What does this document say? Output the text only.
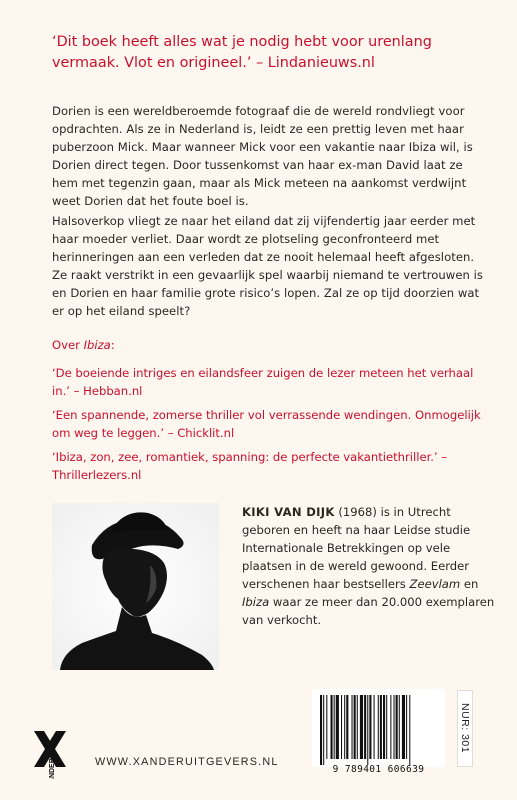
‘Dit boek heeft alles wat je nodig hebt voor urenlang vermaak. Vlot en origineel.’ – Lindanieuws.nl

Dorien is een wereldberoemde fotograaf die de wereld rondvliegt voor opdrachten. Als ze in Nederland is, leidt ze een prettig leven met haar puberzoon Mick. Maar wanneer Mick voor een vakantie naar Ibiza wil, is Dorien direct tegen. Door tussenkomst van haar ex-man David laat ze hem met tegenzin gaan, maar als Mick meteen na aankomst verdwijnt weet Dorien dat het foute boel is.

Halsoverkop vliegt ze naar het eiland dat zij vijfendertig jaar eerder met haar moeder verliet. Daar wordt ze plotseling geconfronteerd met herinneringen aan een verleden dat ze nooit helemaal heeft afgesloten. Ze raakt verstrikt in een gevaarlijk spel waarbij niemand te vertrouwen is en Dorien en haar familie grote risico’s lopen. Zal ze op tijd doorzien wat er op het eiland speelt?

Over Ibiza:

‘De boeiende intriges en eilandsfeer zuigen de lezer meteen het verhaal in.’ – Hebban.nl

‘Een spannende, zomerse thriller vol verrassende wendingen. Onmogelijk om weg te leggen.’ – Chicklit.nl

‘Ibiza, zon, zee, romantiek, spanning: de perfecte vakantiethriller.’ – Thrillerlezers.nl

KIKI VAN DIJK (1968) is in Utrecht geboren en heeft na haar Leidse studie Internationale Betrekkingen op vele plaatsen in de wereld gewoond. Eerder verschenen haar bestsellers Zeevlam en Ibiza waar ze meer dan 20.000 exemplaren van verkocht.

9 789401 606639
NUR: 301
XANDER	WWW.XANDERUITGEVERS.NL
